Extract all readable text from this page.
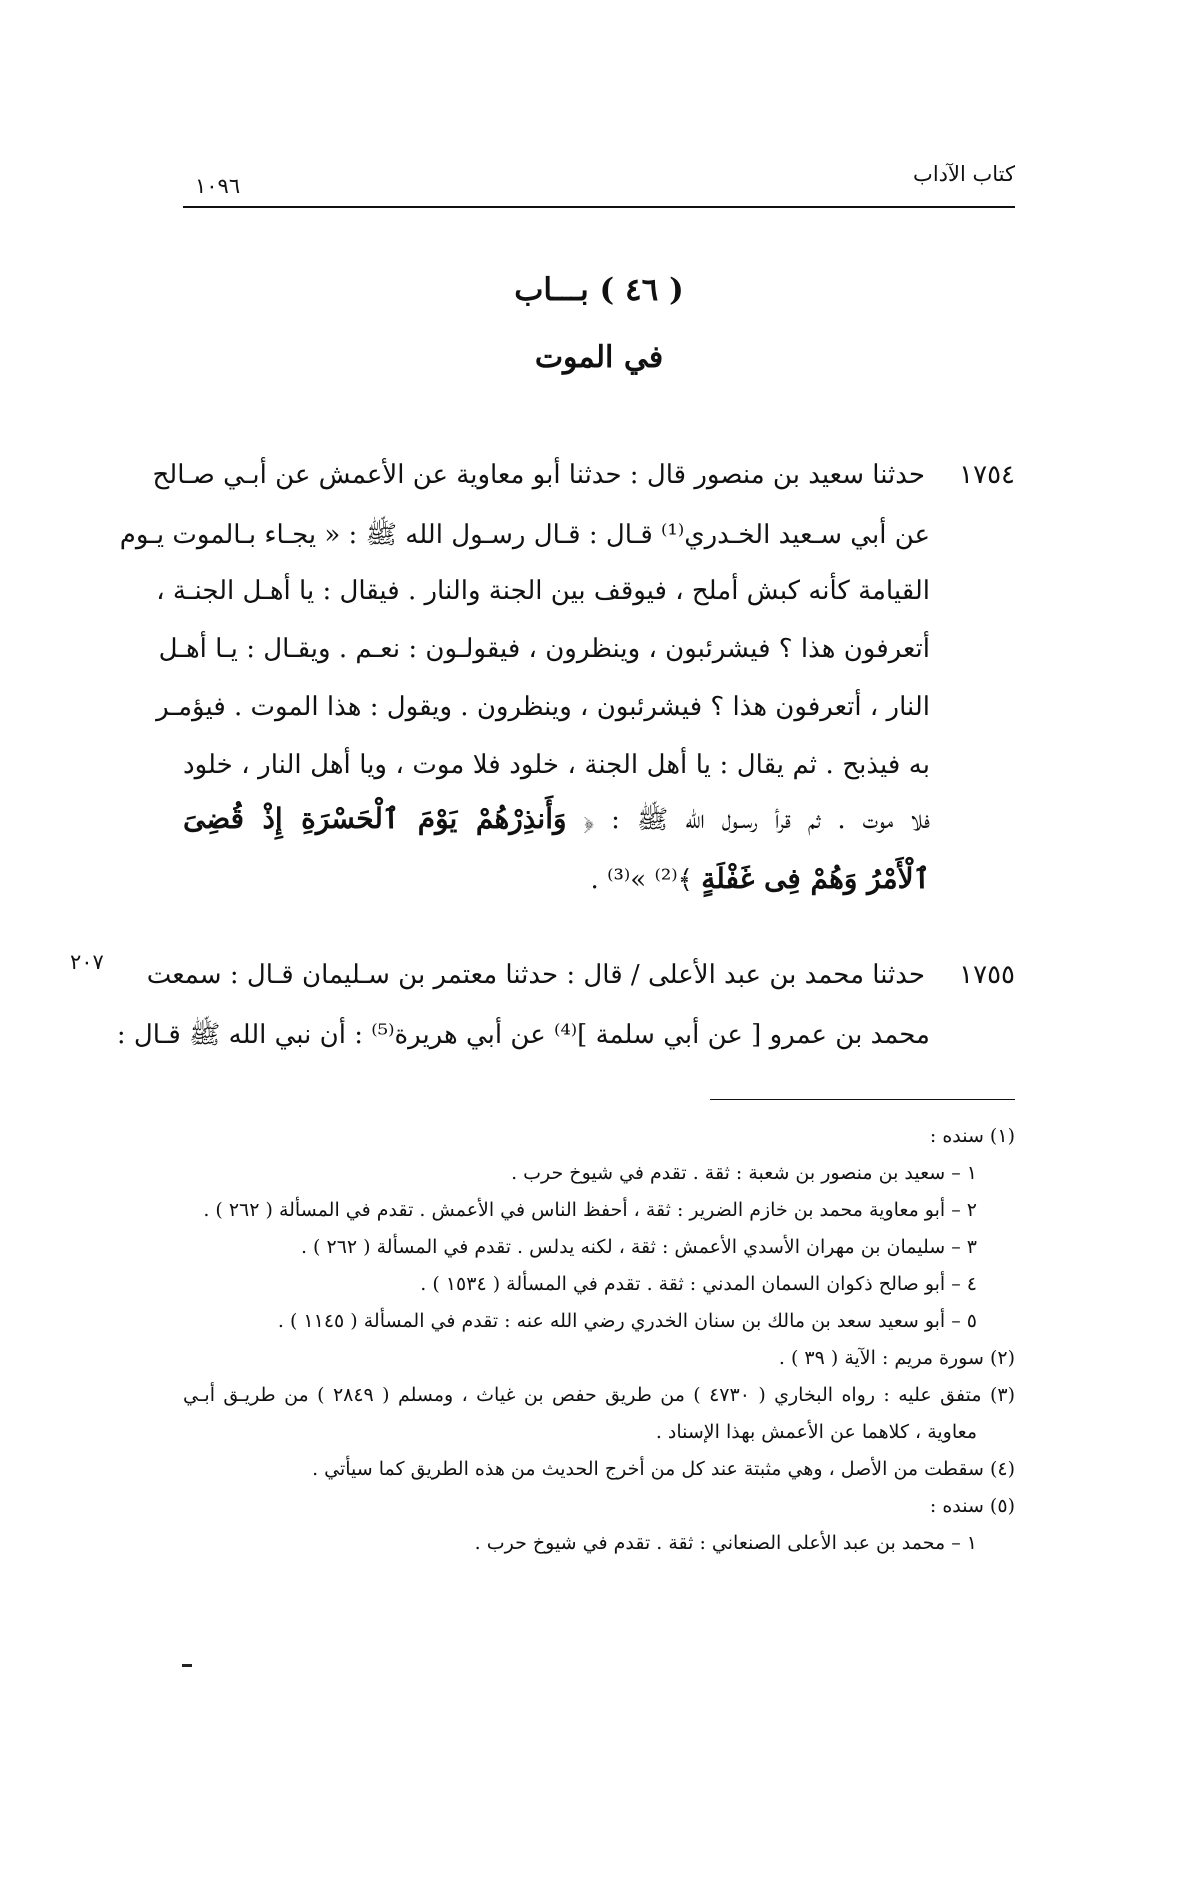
كتاب الآداب
١٠٩٦
( ٤٦ ) بـــاب
في الموت
١٧٥٤
حدثنا سعيد بن منصور قال : حدثنا أبو معاوية عن الأعمش عن أبـي صـالح
عن أبي سـعيد الخـدري⁽¹⁾ قـال : قـال رسـول الله ﷺ : « يجـاء بـالموت يـوم
القيامة كأنه كبش أملح ، فيوقف بين الجنة والنار . فيقال : يا أهـل الجنـة ،
أتعرفون هذا ؟ فيشرئبون ، وينظرون ، فيقولـون : نعـم . ويقـال : يـا أهـل
النار ، أتعرفون هذا ؟ فيشرئبون ، وينظرون . ويقول : هذا الموت . فيؤمـر
به فيذبح . ثم يقال : يا أهل الجنة ، خلود فلا موت ، ويا أهل النار ، خلود
فلا موت . ثم قرأ رسـول الله ﷺ : ﴿ وَأَنذِرْهُمْ يَوْمَ ٱلْحَسْرَةِ إِذْ قُضِىَ
ٱلْأَمْرُ وَهُمْ فِى غَفْلَةٍ ﴾⁽²⁾ »⁽³⁾ .
٢٠٧	١٧٥٥
حدثنا محمد بن عبد الأعلى / قال : حدثنا معتمر بن سـليمان قـال : سمعت
محمد بن عمرو [ عن أبي سلمة ]⁽⁴⁾ عن أبي هريرة⁽⁵⁾ : أن نبي الله ﷺ قـال :
(١) سنده :
١ – سعيد بن منصور بن شعبة : ثقة . تقدم في شيوخ حرب .
٢ – أبو معاوية محمد بن خازم الضرير : ثقة ، أحفظ الناس في الأعمش . تقدم في المسألة ( ٢٦٢ ) .
٣ – سليمان بن مهران الأسدي الأعمش : ثقة ، لكنه يدلس . تقدم في المسألة ( ٢٦٢ ) .
٤ – أبو صالح ذكوان السمان المدني : ثقة . تقدم في المسألة ( ١٥٣٤ ) .
٥ – أبو سعيد سعد بن مالك بن سنان الخدري رضي الله عنه : تقدم في المسألة ( ١١٤٥ ) .
(٢) سورة مريم : الآية ( ٣٩ ) .
(٣) متفق عليه : رواه البخاري ( ٤٧٣٠ ) من طريق حفص بن غياث ، ومسلم ( ٢٨٤٩ ) من طريـق أبـي
معاوية ، كلاهما عن الأعمش بهذا الإسناد .
(٤) سقطت من الأصل ، وهي مثبتة عند كل من أخرج الحديث من هذه الطريق كما سيأتي .
(٥) سنده :
١ – محمد بن عبد الأعلى الصنعاني : ثقة . تقدم في شيوخ حرب .
